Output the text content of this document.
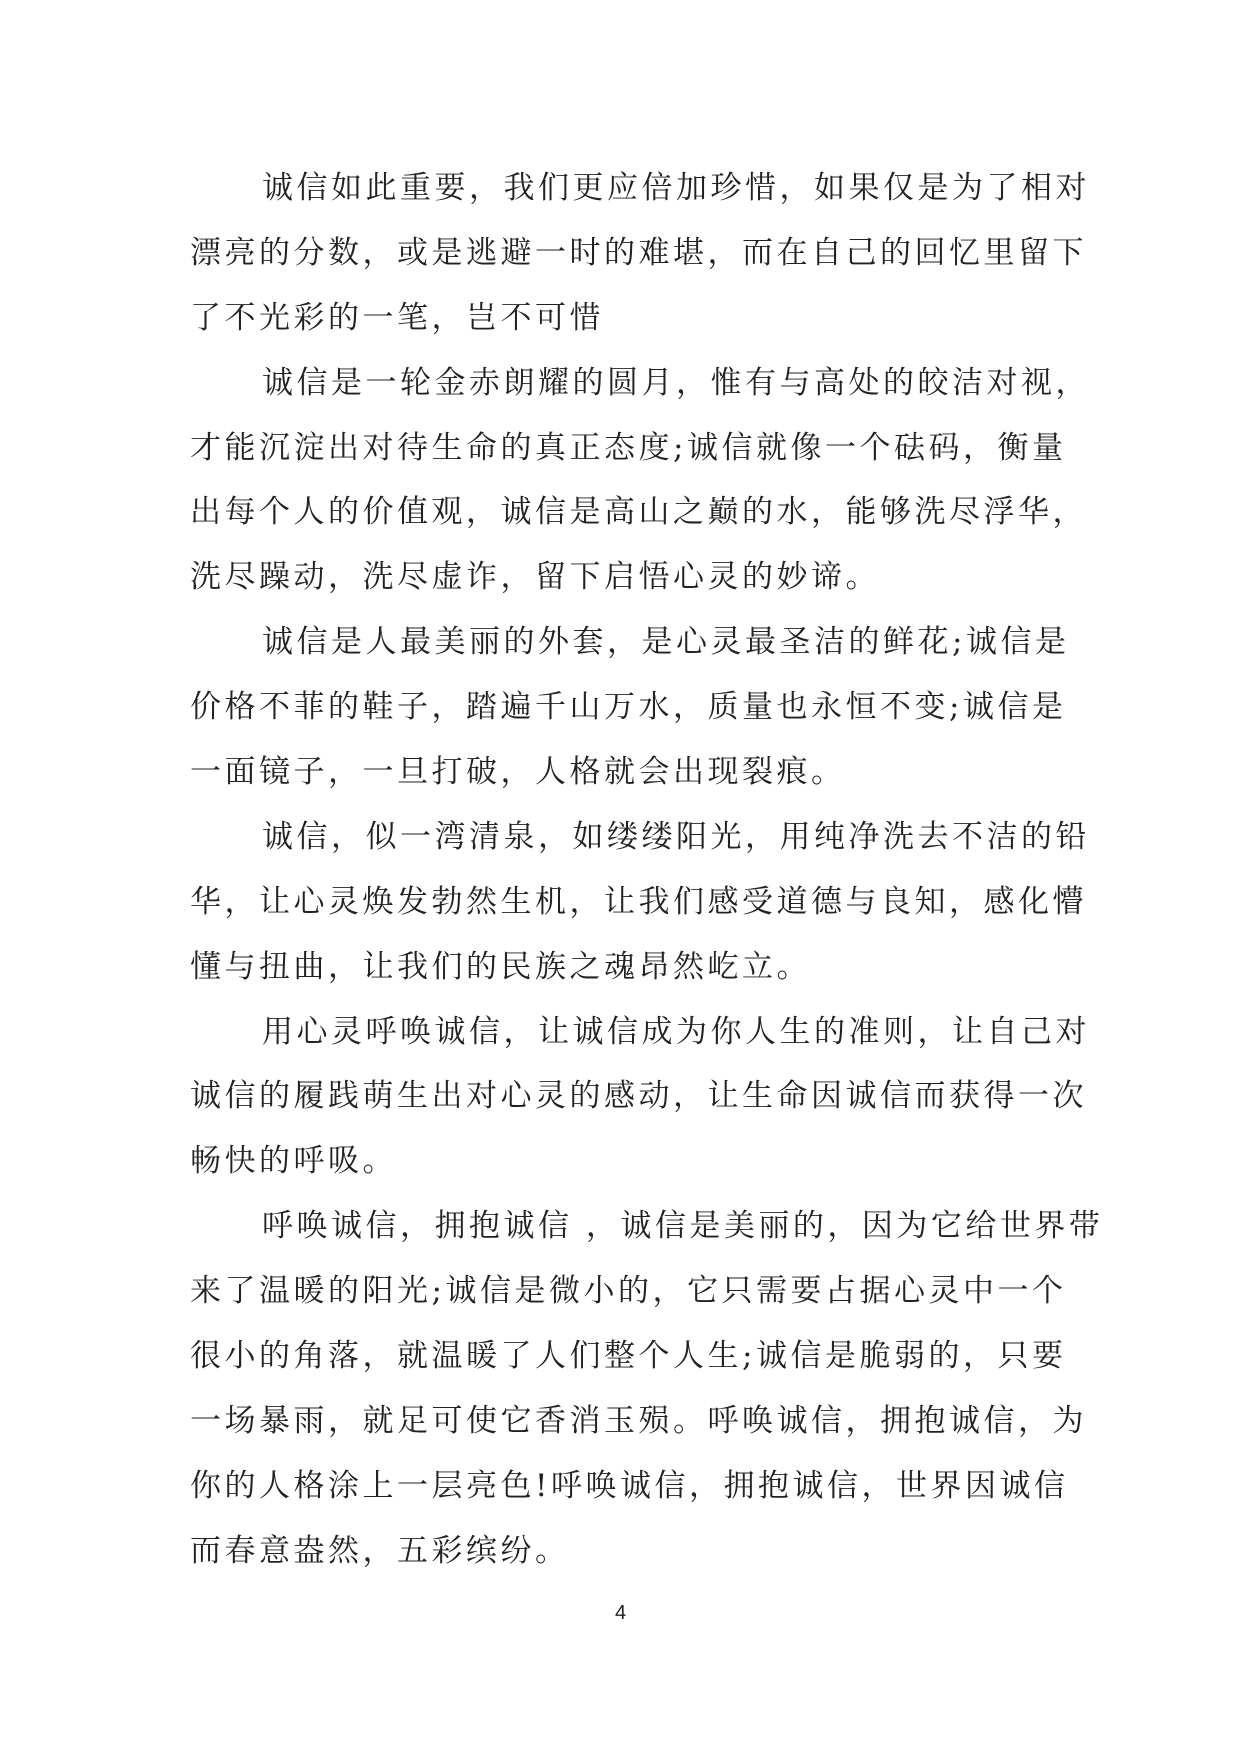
诚信如此重要，我们更应倍加珍惜，如果仅是为了相对
漂亮的分数，或是逃避一时的难堪，而在自己的回忆里留下
了不光彩的一笔，岂不可惜
诚信是一轮金赤朗耀的圆月，惟有与高处的皎洁对视，
才能沉淀出对待生命的真正态度;诚信就像一个砝码，衡量
出每个人的价值观，诚信是高山之巅的水，能够洗尽浮华，
洗尽躁动，洗尽虚诈，留下启悟心灵的妙谛。
诚信是人最美丽的外套，是心灵最圣洁的鲜花;诚信是
价格不菲的鞋子，踏遍千山万水，质量也永恒不变;诚信是
一面镜子，一旦打破，人格就会出现裂痕。
诚信，似一湾清泉，如缕缕阳光，用纯净洗去不洁的铅
华，让心灵焕发勃然生机，让我们感受道德与良知，感化懵
懂与扭曲，让我们的民族之魂昂然屹立。
用心灵呼唤诚信，让诚信成为你人生的准则，让自己对
诚信的履践萌生出对心灵的感动，让生命因诚信而获得一次
畅快的呼吸。
呼唤诚信，拥抱诚信 ，诚信是美丽的，因为它给世界带
来了温暖的阳光;诚信是微小的，它只需要占据心灵中一个
很小的角落，就温暖了人们整个人生;诚信是脆弱的，只要
一场暴雨，就足可使它香消玉殒。呼唤诚信，拥抱诚信，为
你的人格涂上一层亮色!呼唤诚信，拥抱诚信，世界因诚信
而春意盎然，五彩缤纷。
4
